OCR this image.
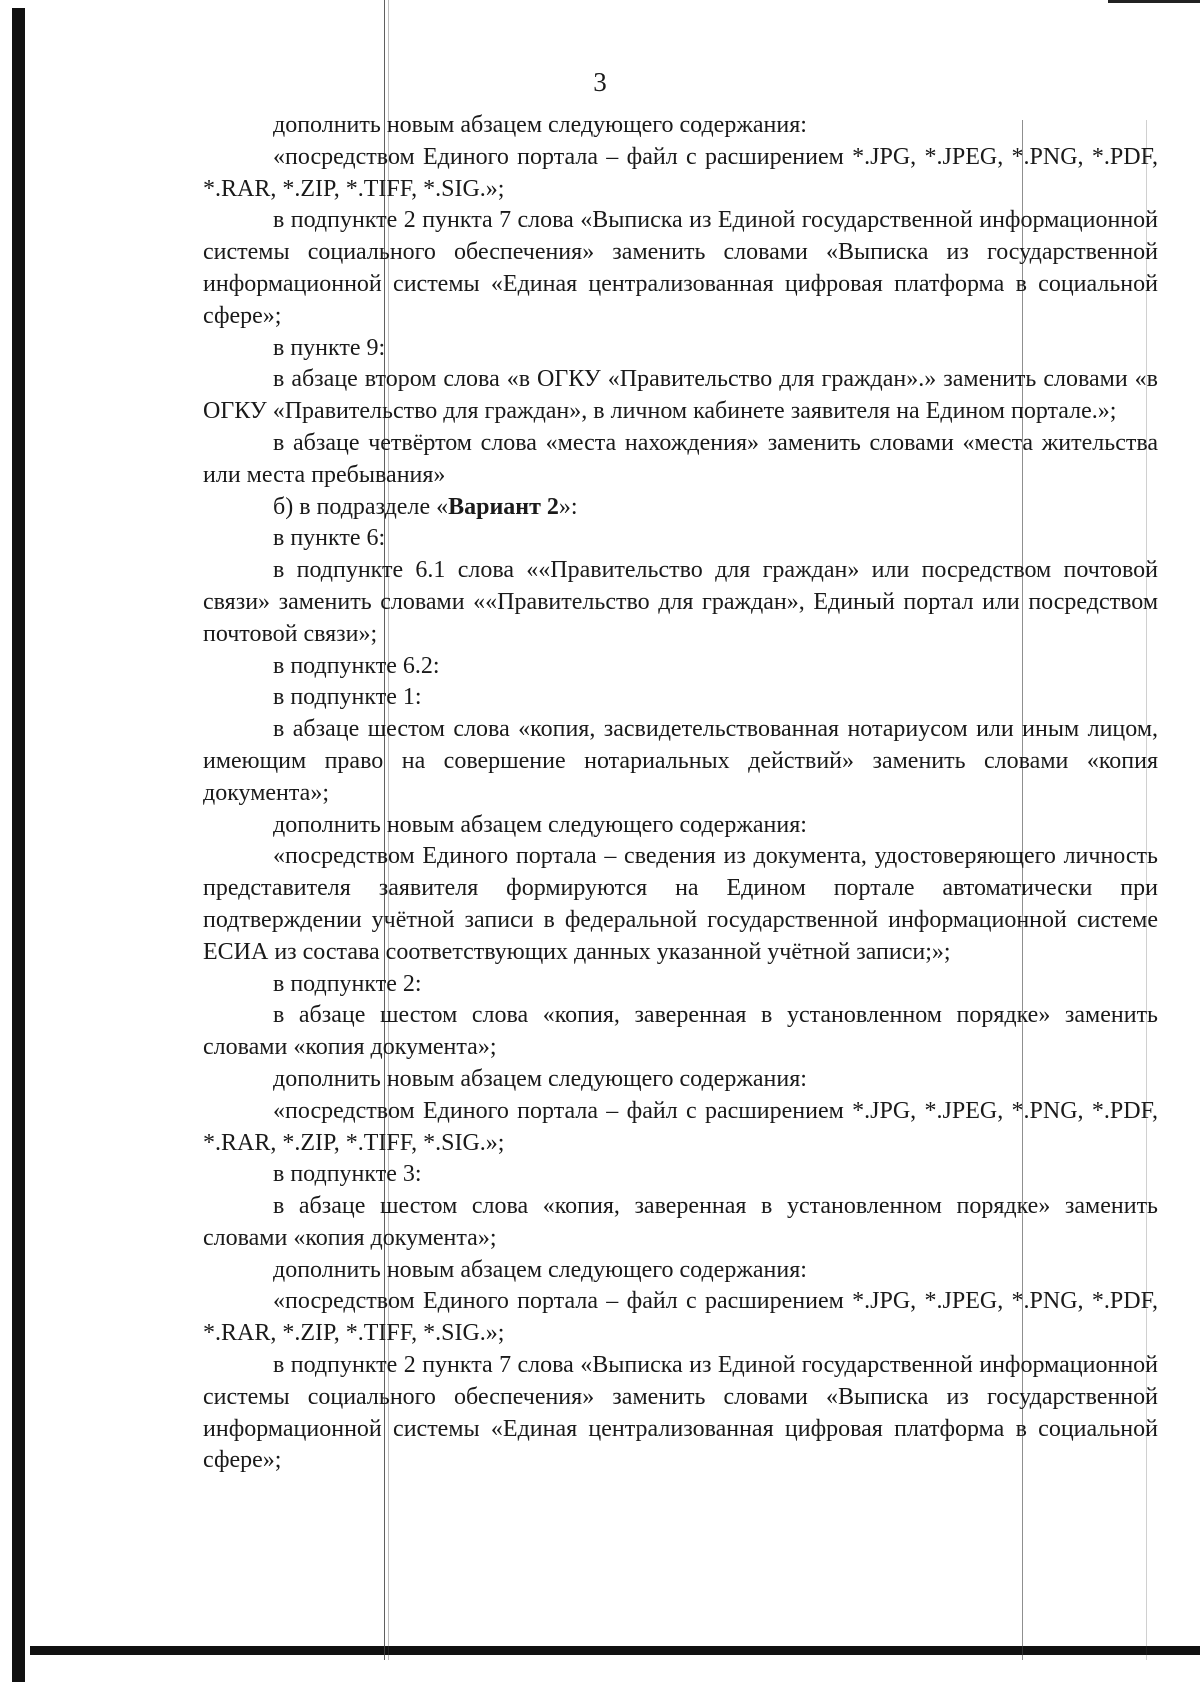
3

дополнить новым абзацем следующего содержания:

«посредством Единого портала – файл с расширением *.JPG, *.JPEG, *.PNG, *.PDF, *.RAR, *.ZIP, *.TIFF, *.SIG.»;

в подпункте 2 пункта 7 слова «Выписка из Единой государственной информационной системы социального обеспечения» заменить словами «Выписка из государственной информационной системы «Единая централизованная цифровая платформа в социальной сфере»;

в пункте 9:

в абзаце втором слова «в ОГКУ «Правительство для граждан».» заменить словами «в ОГКУ «Правительство для граждан», в личном кабинете заявителя на Едином портале.»;

в абзаце четвёртом слова «места нахождения» заменить словами «места жительства или места пребывания»

б) в подразделе «Вариант 2»:

в пункте 6:

в подпункте 6.1 слова ««Правительство для граждан» или посредством почтовой связи» заменить словами ««Правительство для граждан», Единый портал или посредством почтовой связи»;

в подпункте 6.2:

в подпункте 1:

в абзаце шестом слова «копия, засвидетельствованная нотариусом или иным лицом, имеющим право на совершение нотариальных действий» заменить словами «копия документа»;

дополнить новым абзацем следующего содержания:

«посредством Единого портала – сведения из документа, удостоверяющего личность представителя заявителя формируются на Едином портале автоматически при подтверждении учётной записи в федеральной государственной информационной системе ЕСИА из состава соответствующих данных указанной учётной записи;»;

в подпункте 2:

в абзаце шестом слова «копия, заверенная в установленном порядке» заменить словами «копия документа»;

дополнить новым абзацем следующего содержания:

«посредством Единого портала – файл с расширением *.JPG, *.JPEG, *.PNG, *.PDF, *.RAR, *.ZIP, *.TIFF, *.SIG.»;

в подпункте 3:

в абзаце шестом слова «копия, заверенная в установленном порядке» заменить словами «копия документа»;

дополнить новым абзацем следующего содержания:

«посредством Единого портала – файл с расширением *.JPG, *.JPEG, *.PNG, *.PDF, *.RAR, *.ZIP, *.TIFF, *.SIG.»;

в подпункте 2 пункта 7 слова «Выписка из Единой государственной информационной системы социального обеспечения» заменить словами «Выписка из государственной информационной системы «Единая централизованная цифровая платформа в социальной сфере»;
